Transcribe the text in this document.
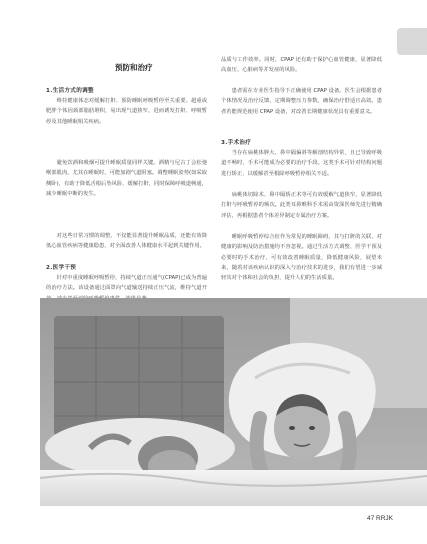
预防和治疗
1.生活方式的调整

维持健康体态对缓解打鼾、预防睡眠呼吸暂停至关重要。超重或肥胖个体因颈部脂肪堆积，易出现气道狭窄，进而诱发打鼾、呼吸暂停及其他睡眠相关疾病。

避免饮酒和吸烟可提升睡眠质量同样关键。酒精与尼古丁会松弛喉部肌肉，尤其在睡眠时，可能加剧气道阻塞。调整睡眠姿势(如采取侧卧)，有助于降低舌根后坠风险、缓解打鼾，同时保障呼吸道畅通，减少睡眠中断的发生。

对这些日常习惯的调整，不仅能显著提升睡眠品质，还能有效降低心血管疾病等健康隐患，对全面改善人体健康水平起到关键作用。

2.医学干预

针对中重度睡眠呼吸暂停，持续气道正压通气(CPAP)已成为普遍的治疗方法。该设备通过面罩向气道输送持续正压气流，维持气道开

品质与工作效率。同时，CPAP 还有助于保护心血管健康，显著降低高血压、心脏病等并发症的风险。

患者需在专业医生指导下正确使用 CPAP 设备。医生会根据患者个体情况及治疗反馈，定期调整压力参数，确保治疗舒适且高效。患者若能规范使用 CPAP 设备，对改善长期健康状况具有重要意义。

3.手术治疗

当存在扁桃体肿大、鼻中隔偏斜等解剖结构异常，且已导致呼吸道不畅时，手术可能成为必要的治疗手段。这类手术可针对结构问题进行矫正，以缓解甚至根除呼吸暂停相关不适。

扁桃体切除术、鼻中隔矫正术等可有效缓解气道狭窄，显著降低打鼾与呼吸暂停的频次。此类耳鼻喉科手术需由资深医师先进行精确评估，再根据患者个体差异制定专属治疗方案。

睡眠呼吸暂停综合征作为常见的睡眠障碍，其与打鼾的关联、对健康的影响及防治措施均不容忽视。通过生活方式调整、医学干预及必要时的手术治疗，可有效改善睡眠质量，降低健康风险，展望未来，随着对该疾病认识的深入与治疗技术的进步，我们有望进一步减轻其对个体和社会的负担，提升人们的生活质量。

47 RRJK
